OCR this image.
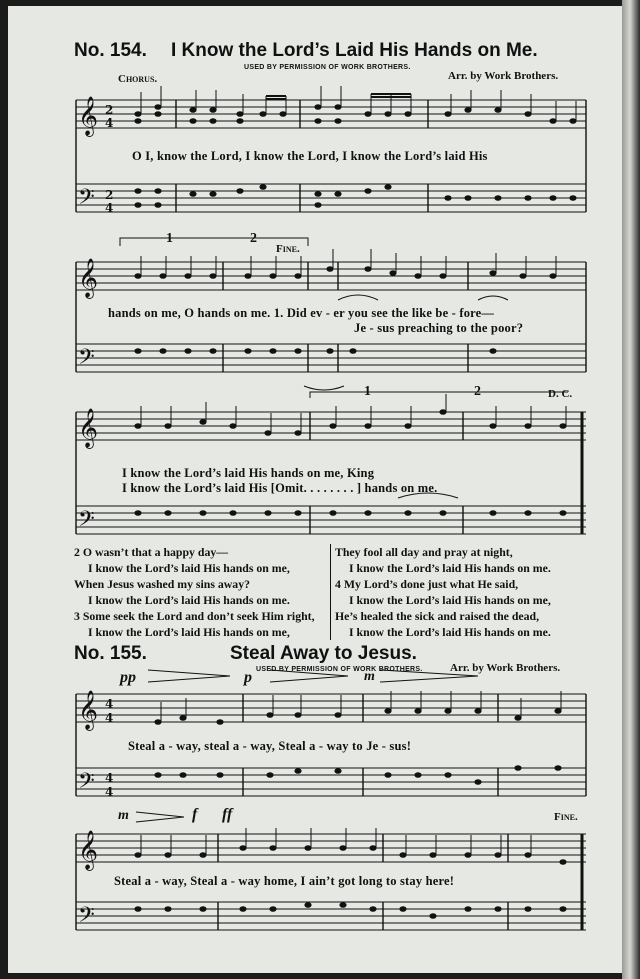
No. 154. I Know the Lord’s Laid His Hands on Me.
USED BY PERMISSION OF WORK BROTHERS.
Arr. by Work Brothers.
Chorus.
𝄞
𝄢
𝄞
𝄢
𝄞
𝄢
𝄞
𝄢
𝄞
𝄢
2
4
2
4
4
4
4
4
1	2
Fine.
1	2	D. C.
O I, know the Lord, I know the Lord, I know the Lord’s laid His
hands on me, O hands on me. 1. Did ev - er you see the like be - fore—
Je - sus preaching to the poor?
I know the Lord’s laid His hands on me, King
I know the Lord’s laid His [Omit. . . . . . . . ] hands on me.
2 O wasn’t that a happy day—
I know the Lord’s laid His hands on me,
When Jesus washed my sins away?
I know the Lord’s laid His hands on me.
3 Some seek the Lord and don’t seek Him right,
I know the Lord’s laid His hands on me,
They fool all day and pray at night,
I know the Lord’s laid His hands on me.
4 My Lord’s done just what He said,
I know the Lord’s laid His hands on me,
He’s healed the sick and raised the dead,
I know the Lord’s laid His hands on me.
No. 155.	Steal Away to Jesus.
USED BY PERMISSION OF WORK BROTHERS. Arr. by Work Brothers.
pp	p	m
Steal a - way, steal a - way, Steal a - way to Je - sus!
m	f ff	Fine.
Steal a - way, Steal a - way home, I ain’t got long to stay here!
